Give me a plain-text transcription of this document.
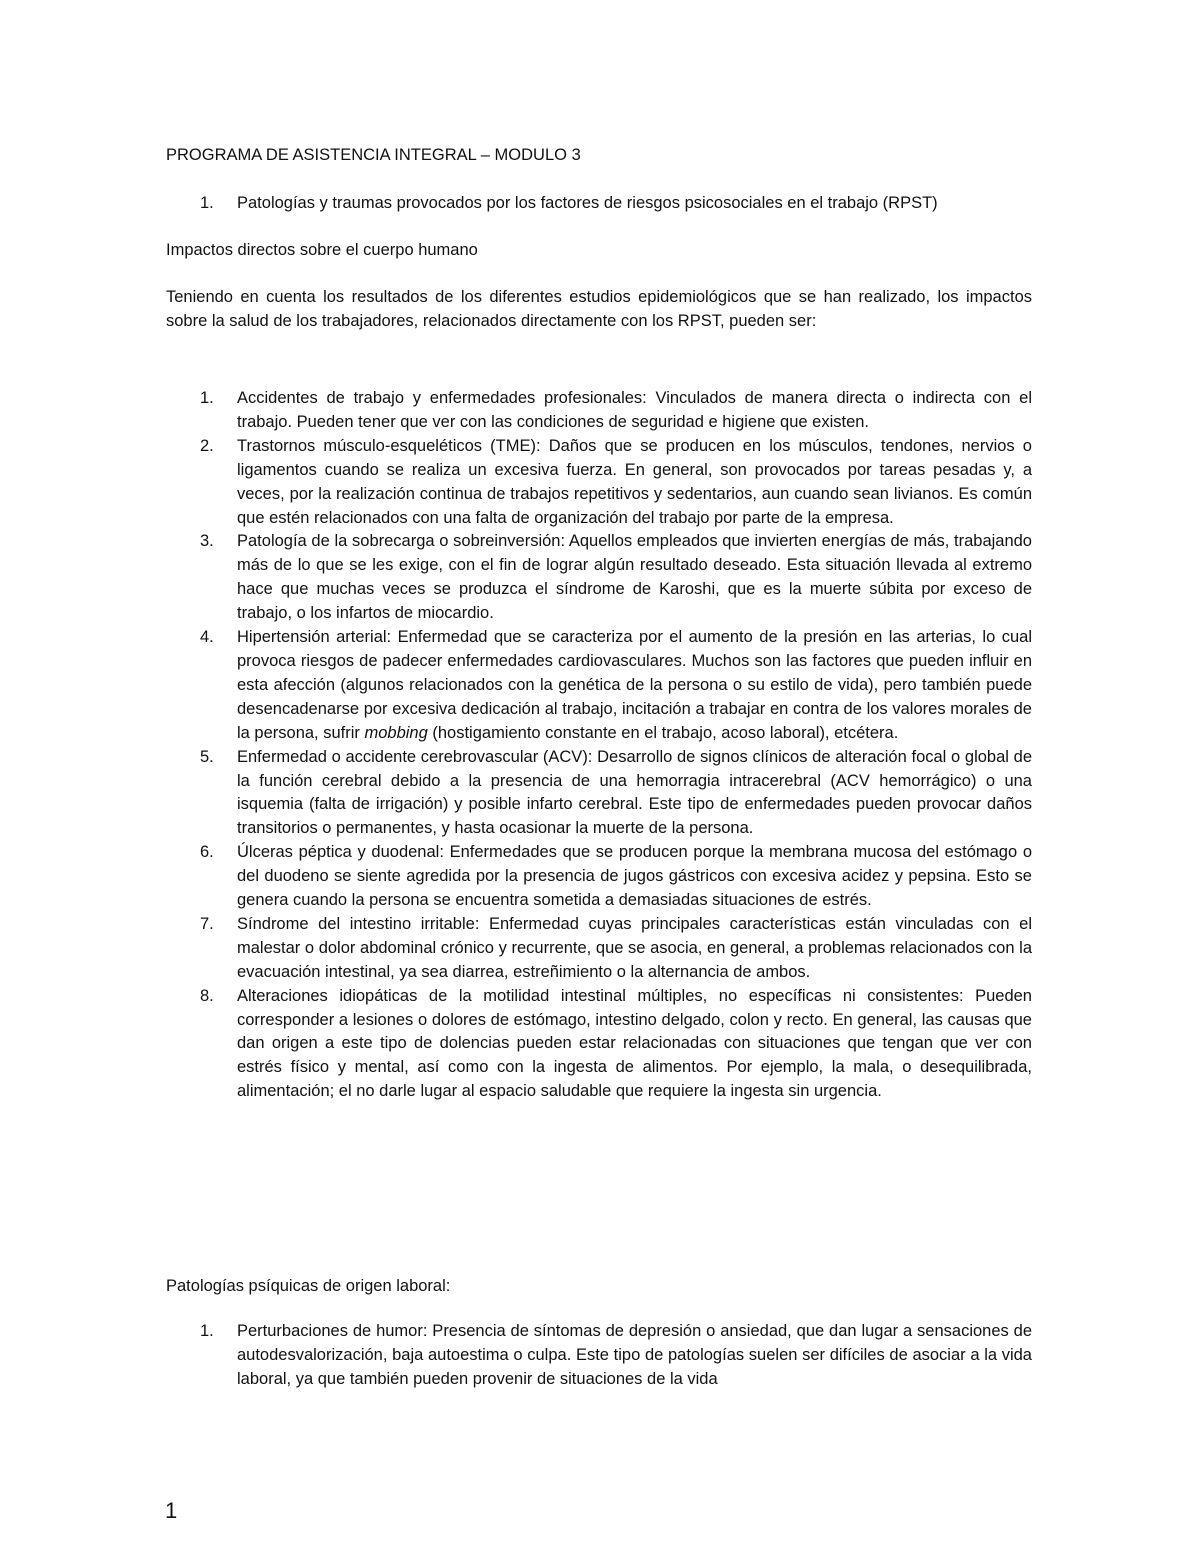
PROGRAMA DE ASISTENCIA INTEGRAL – MODULO 3
1. Patologías y traumas provocados por los factores de riesgos psicosociales en el trabajo (RPST)
Impactos directos sobre el cuerpo humano
Teniendo en cuenta los resultados de los diferentes estudios epidemiológicos que se han realizado, los impactos sobre la salud de los trabajadores, relacionados directamente con los RPST, pueden ser:
1. Accidentes de trabajo y enfermedades profesionales: Vinculados de manera directa o indirecta con el trabajo. Pueden tener que ver con las condiciones de seguridad e higiene que existen.
2. Trastornos músculo-esqueléticos (TME): Daños que se producen en los músculos, tendones, nervios o ligamentos cuando se realiza un excesiva fuerza. En general, son provocados por tareas pesadas y, a veces, por la realización continua de trabajos repetitivos y sedentarios, aun cuando sean livianos. Es común que estén relacionados con una falta de organización del trabajo por parte de la empresa.
3. Patología de la sobrecarga o sobreinversión: Aquellos empleados que invierten energías de más, trabajando más de lo que se les exige, con el fin de lograr algún resultado deseado. Esta situación llevada al extremo hace que muchas veces se produzca el síndrome de Karoshi, que es la muerte súbita por exceso de trabajo, o los infartos de miocardio.
4. Hipertensión arterial: Enfermedad que se caracteriza por el aumento de la presión en las arterias, lo cual provoca riesgos de padecer enfermedades cardiovasculares. Muchos son las factores que pueden influir en esta afección (algunos relacionados con la genética de la persona o su estilo de vida), pero también puede desencadenarse por excesiva dedicación al trabajo, incitación a trabajar en contra de los valores morales de la persona, sufrir mobbing (hostigamiento constante en el trabajo, acoso laboral), etcétera.
5. Enfermedad o accidente cerebrovascular (ACV): Desarrollo de signos clínicos de alteración focal o global de la función cerebral debido a la presencia de una hemorragia intracerebral (ACV hemorrágico) o una isquemia (falta de irrigación) y posible infarto cerebral. Este tipo de enfermedades pueden provocar daños transitorios o permanentes, y hasta ocasionar la muerte de la persona.
6. Úlceras péptica y duodenal: Enfermedades que se producen porque la membrana mucosa del estómago o del duodeno se siente agredida por la presencia de jugos gástricos con excesiva acidez y pepsina. Esto se genera cuando la persona se encuentra sometida a demasiadas situaciones de estrés.
7. Síndrome del intestino irritable: Enfermedad cuyas principales características están vinculadas con el malestar o dolor abdominal crónico y recurrente, que se asocia, en general, a problemas relacionados con la evacuación intestinal, ya sea diarrea, estreñimiento o la alternancia de ambos.
8. Alteraciones idiopáticas de la motilidad intestinal múltiples, no específicas ni consistentes: Pueden corresponder a lesiones o dolores de estómago, intestino delgado, colon y recto. En general, las causas que dan origen a este tipo de dolencias pueden estar relacionadas con situaciones que tengan que ver con estrés físico y mental, así como con la ingesta de alimentos. Por ejemplo, la mala, o desequilibrada, alimentación; el no darle lugar al espacio saludable que requiere la ingesta sin urgencia.
Patologías psíquicas de origen laboral:
1. Perturbaciones de humor: Presencia de síntomas de depresión o ansiedad, que dan lugar a sensaciones de autodesvalorización, baja autoestima o culpa. Este tipo de patologías suelen ser difíciles de asociar a la vida laboral, ya que también pueden provenir de situaciones de la vida
1
